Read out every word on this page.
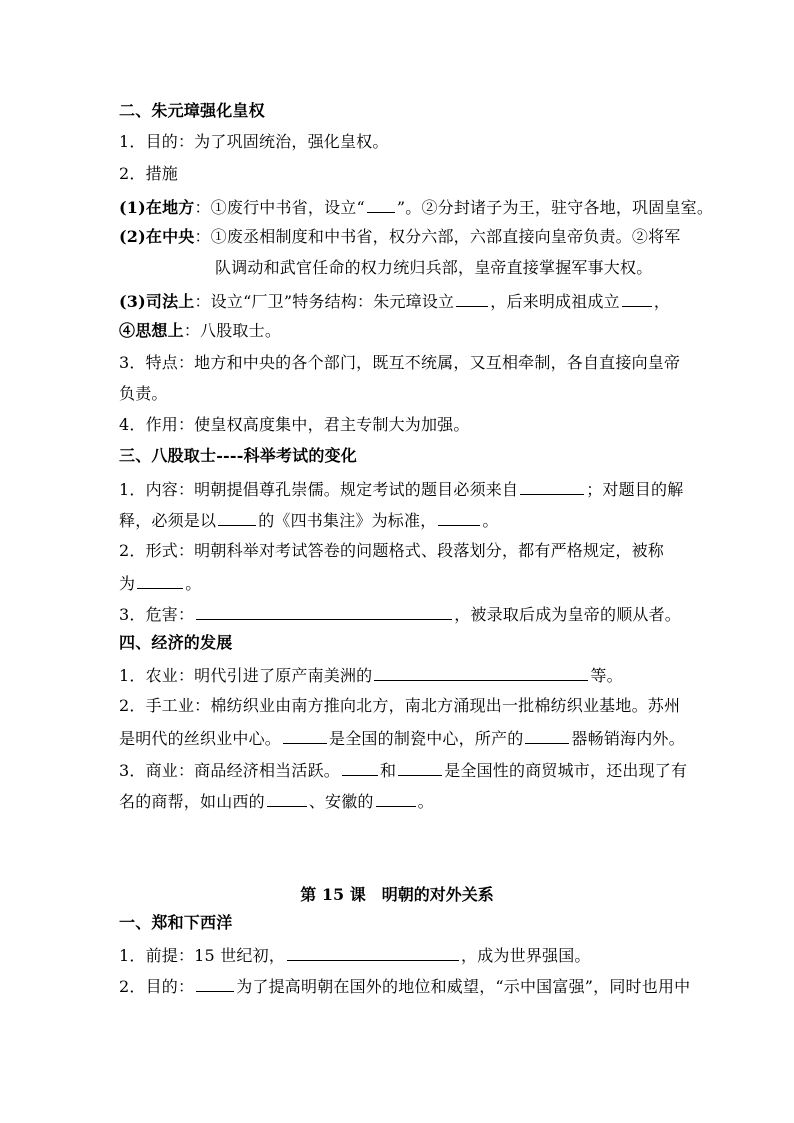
二、朱元璋强化皇权
1．目的：为了巩固统治，强化皇权。
2．措施
(1)在地方：①废行中书省，设立“ ”。②分封诸子为王，驻守各地，巩固皇室。
(2)在中央：①废丞相制度和中书省，权分六部，六部直接向皇帝负责。②将军
队调动和武官任命的权力统归兵部，皇帝直接掌握军事大权。
(3)司法上：设立“厂卫”特务结构：朱元璋设立 ，后来明成祖成立 ，
④思想上：八股取士。
3．特点：地方和中央的各个部门，既互不统属，又互相牵制，各自直接向皇帝
负责。
4．作用：使皇权高度集中，君主专制大为加强。
三、八股取士----科举考试的变化
1．内容：明朝提倡尊孔崇儒。规定考试的题目必须来自	；对题目的解
释，必须是以	的《四书集注》为标准，	。
2．形式：明朝科举对考试答卷的问题格式、段落划分，都有严格规定，被称
为	。
3．危害：	，被录取后成为皇帝的顺从者。
四、经济的发展
1．农业：明代引进了原产南美洲的	等。
2．手工业：棉纺织业由南方推向北方，南北方涌现出一批棉纺织业基地。苏州
是明代的丝织业中心。	是全国的制瓷中心，所产的	器畅销海内外。
3．商业：商品经济相当活跃。	和	是全国性的商贸城市，还出现了有
名的商帮，如山西的	、安徽的	。
第 15 课　明朝的对外关系
一、郑和下西洋
1．前提：15 世纪初，	，成为世界强国。
2．目的：	为了提高明朝在国外的地位和威望，“示中国富强”，同时也用中
